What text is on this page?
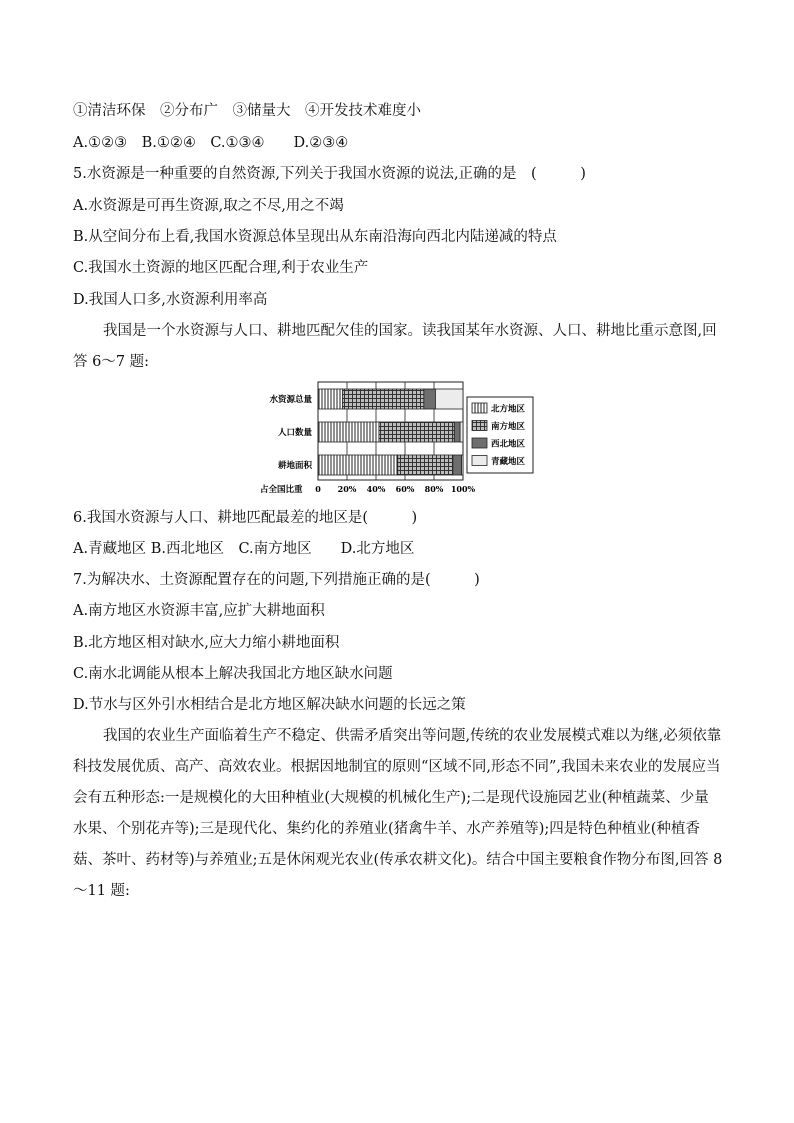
①清洁环保　②分布广　③储量大　④开发技术难度小
A.①②③　B.①②④　C.①③④　　D.②③④
5.水资源是一种重要的自然资源,下列关于我国水资源的说法,正确的是　(　　　)
A.水资源是可再生资源,取之不尽,用之不竭
B.从空间分布上看,我国水资源总体呈现出从东南沿海向西北内陆递减的特点
C.我国水土资源的地区匹配合理,利于农业生产
D.我国人口多,水资源利用率高
我国是一个水资源与人口、耕地匹配欠佳的国家。读我国某年水资源、人口、耕地比重示意图,回答 6～7 题:
水资源总量
人口数量
耕地面积
0 20% 40% 60% 80% 100%
占全国比重
北方地区
南方地区
西北地区
青藏地区
6.我国水资源与人口、耕地匹配最差的地区是(　　　)
A.青藏地区 B.西北地区　C.南方地区　　D.北方地区
7.为解决水、土资源配置存在的问题,下列措施正确的是(　　　)
A.南方地区水资源丰富,应扩大耕地面积
B.北方地区相对缺水,应大力缩小耕地面积
C.南水北调能从根本上解决我国北方地区缺水问题
D.节水与区外引水相结合是北方地区解决缺水问题的长远之策
我国的农业生产面临着生产不稳定、供需矛盾突出等问题,传统的农业发展模式难以为继,必须依靠科技发展优质、高产、高效农业。根据因地制宜的原则“区域不同,形态不同”,我国未来农业的发展应当会有五种形态:一是规模化的大田种植业(大规模的机械化生产);二是现代设施园艺业(种植蔬菜、少量水果、个别花卉等);三是现代化、集约化的养殖业(猪禽牛羊、水产养殖等);四是特色种植业(种植香菇、茶叶、药材等)与养殖业;五是休闲观光农业(传承农耕文化)。结合中国主要粮食作物分布图,回答 8～11 题:
